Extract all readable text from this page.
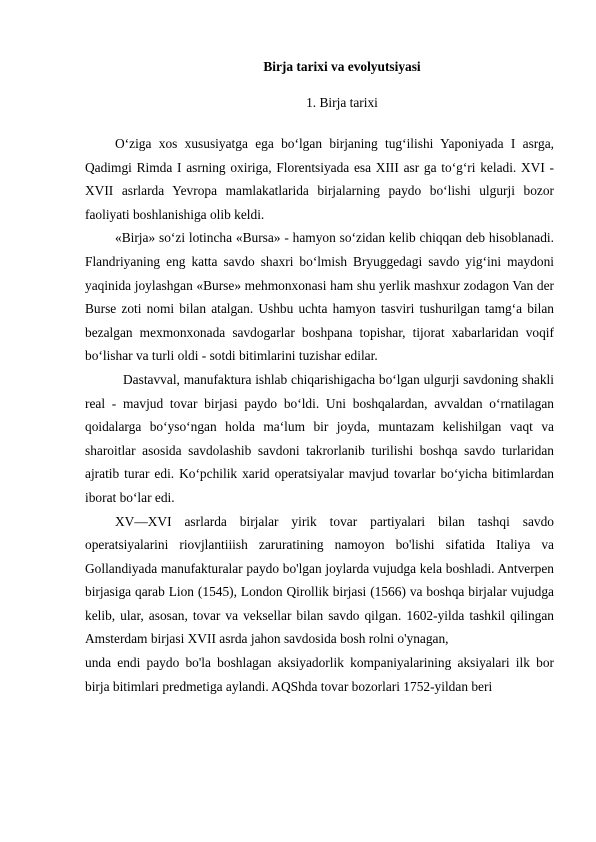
Birja tarixi va evolyutsiyasi
1. Birja tarixi

O‘ziga xos xususiyatga ega bo‘lgan birjaning tug‘ilishi Yaponiyada I asrga, Qadimgi Rimda I asrning oxiriga, Florentsiyada esa XIII asr ga to‘g‘ri keladi. XVI -XVII asrlarda Yevropa mamlakatlarida birjalarning paydo bo‘lishi ulgurji bozor faoliyati boshlanishiga olib keldi.

«Birja» so‘zi lotincha «Bursa» - hamyon so‘zidan kelib chiqqan deb hisoblanadi. Flandriyaning eng katta savdo shaxri bo‘lmish Bryuggedagi savdo yig‘ini maydoni yaqinida joylashgan «Burse» mehmonxonasi ham shu yerlik mashxur zodagon Van der Burse zoti nomi bilan atalgan. Ushbu uchta hamyon tasviri tushurilgan tamg‘a bilan bezalgan mexmonxonada savdogarlar boshpana topishar, tijorat xabarlaridan voqif bo‘lishar va turli oldi - sotdi bitimlarini tuzishar edilar.

Dastavval, manufaktura ishlab chiqarishigacha bo‘lgan ulgurji savdoning shakli real - mavjud tovar birjasi paydo bo‘ldi. Uni boshqalardan, avvaldan o‘rnatilagan qoidalarga bo‘yso‘ngan holda ma‘lum bir joyda, muntazam kelishilgan vaqt va sharoitlar asosida savdolashib savdoni takrorlanib turilishi boshqa savdo turlaridan ajratib turar edi. Ko‘pchilik xarid operatsiyalar mavjud tovarlar bo‘yicha bitimlardan iborat bo‘lar edi.

XV—XVI asrlarda birjalar yirik tovar partiyalari bilan tashqi savdo operatsiyalarini riovjlantiiish zaruratining namoyon bo'lishi sifatida Italiya va Gollandiyada manufakturalar paydo bo'lgan joylarda vujudga kela boshladi. Antverpen birjasiga qarab Lion (1545), London Qirollik birjasi (1566) va boshqa birjalar vujudga kelib, ular, asosan, tovar va veksellar bilan savdo qilgan. 1602-yilda tashkil qilingan Amsterdam birjasi XVII asrda jahon savdosida bosh rolni o'ynagan,

unda endi paydo bo'la boshlagan aksiyadorlik kompaniyalarining aksiyalari ilk bor birja bitimlari predmetiga aylandi. AQShda tovar bozorlari 1752-yildan beri
